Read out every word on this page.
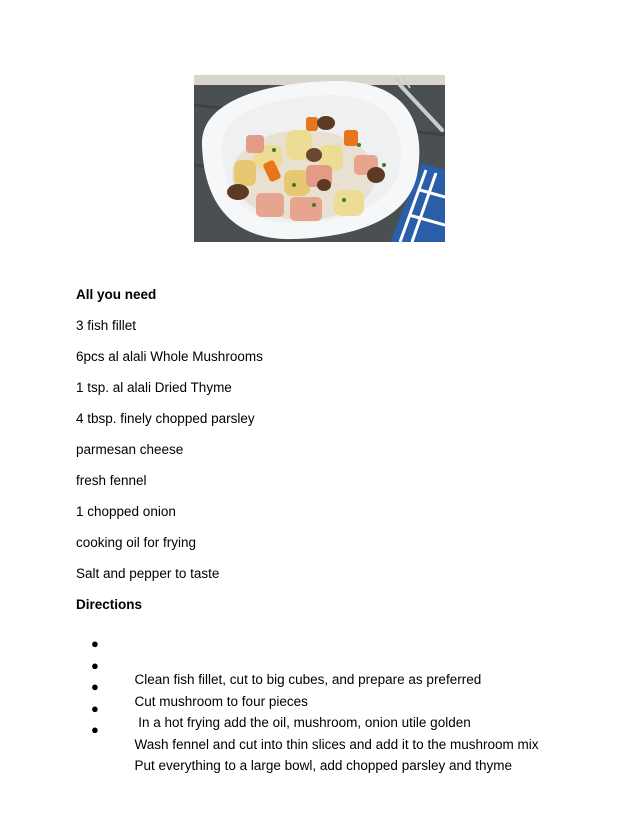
All you need

3 fish fillet

6pcs al alali Whole Mushrooms

1 tsp. al alali Dried Thyme

4 tbsp. finely chopped parsley

parmesan cheese

fresh fennel

1 chopped onion

cooking oil for frying

Salt and pepper to taste

Directions

●

Clean fish fillet, cut to big cubes, and prepare as preferred

●

Cut mushroom to four pieces

●

In a hot frying add the oil, mushroom, onion utile golden

●

Wash fennel and cut into thin slices and add it to the mushroom mix

●

Put everything to a large bowl, add chopped parsley and thyme
